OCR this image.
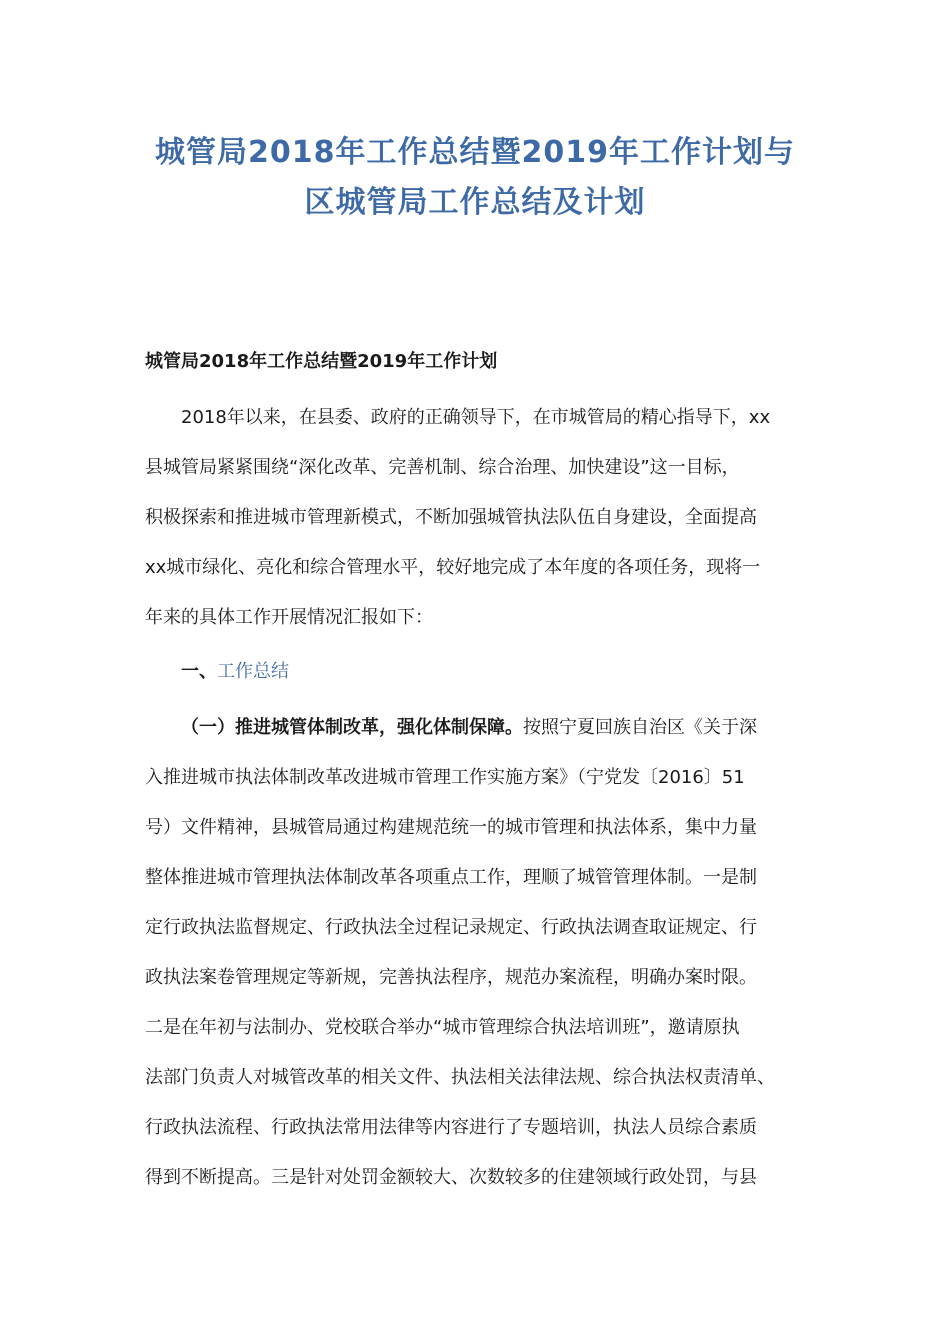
城管局2018年工作总结暨2019年工作计划与
区城管局工作总结及计划
城管局2018年工作总结暨2019年工作计划
2018年以来，在县委、政府的正确领导下，在市城管局的精心指导下，xx
县城管局紧紧围绕“深化改革、完善机制、综合治理、加快建设”这一目标，
积极探索和推进城市管理新模式，不断加强城管执法队伍自身建设，全面提高
xx城市绿化、亮化和综合管理水平，较好地完成了本年度的各项任务，现将一
年来的具体工作开展情况汇报如下：
一、工作总结
（一）推进城管体制改革，强化体制保障。按照宁夏回族自治区《关于深
入推进城市执法体制改革改进城市管理工作实施方案》（宁党发〔2016〕51
号）文件精神，县城管局通过构建规范统一的城市管理和执法体系，集中力量
整体推进城市管理执法体制改革各项重点工作，理顺了城管管理体制。一是制
定行政执法监督规定、行政执法全过程记录规定、行政执法调查取证规定、行
政执法案卷管理规定等新规，完善执法程序，规范办案流程，明确办案时限。
二是在年初与法制办、党校联合举办“城市管理综合执法培训班”，邀请原执
法部门负责人对城管改革的相关文件、执法相关法律法规、综合执法权责清单、
行政执法流程、行政执法常用法律等内容进行了专题培训，执法人员综合素质
得到不断提高。三是针对处罚金额较大、次数较多的住建领域行政处罚，与县
